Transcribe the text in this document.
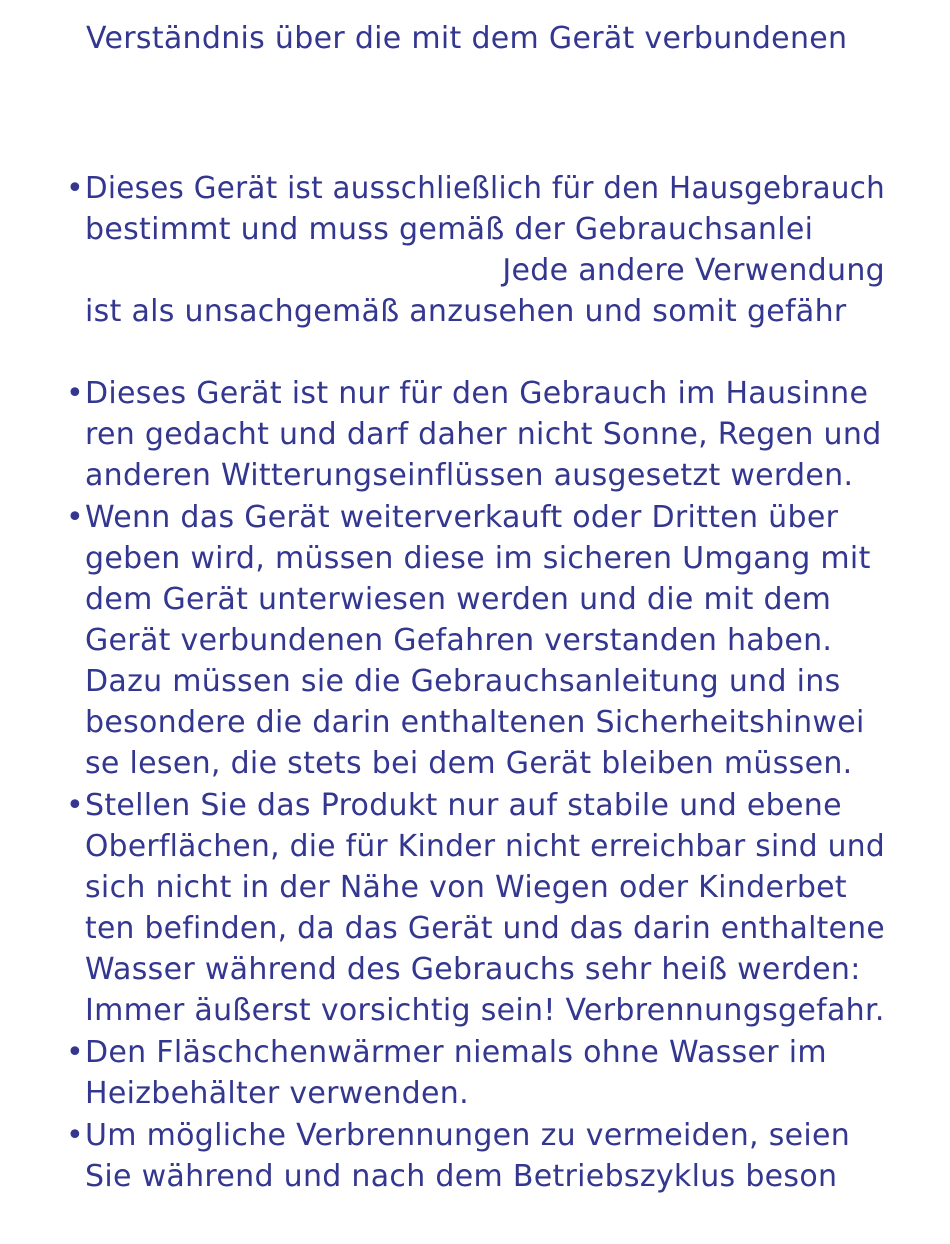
Verständnis über die mit dem Gerät verbundenen
• Dieses Gerät ist ausschließlich für den Hausgebrauch
bestimmt und muss gemäß der Gebrauchsanlei
Jede andere Verwendung
ist als unsachgemäß anzusehen und somit gefähr
• Dieses Gerät ist nur für den Gebrauch im Hausinne
ren gedacht und darf daher nicht Sonne, Regen und
anderen Witterungseinflüssen ausgesetzt werden.
• Wenn das Gerät weiterverkauft oder Dritten über
geben wird, müssen diese im sicheren Umgang mit
dem Gerät unterwiesen werden und die mit dem
Gerät verbundenen Gefahren verstanden haben.
Dazu müssen sie die Gebrauchsanleitung und ins
besondere die darin enthaltenen Sicherheitshinwei
se lesen, die stets bei dem Gerät bleiben müssen.
• Stellen Sie das Produkt nur auf stabile und ebene
Oberflächen, die für Kinder nicht erreichbar sind und
sich nicht in der Nähe von Wiegen oder Kinderbet
ten befinden, da das Gerät und das darin enthaltene
Wasser während des Gebrauchs sehr heiß werden:
Immer äußerst vorsichtig sein! Verbrennungsgefahr.
• Den Fläschchenwärmer niemals ohne Wasser im
Heizbehälter verwenden.
• Um mögliche Verbrennungen zu vermeiden, seien
Sie während und nach dem Betriebszyklus beson
